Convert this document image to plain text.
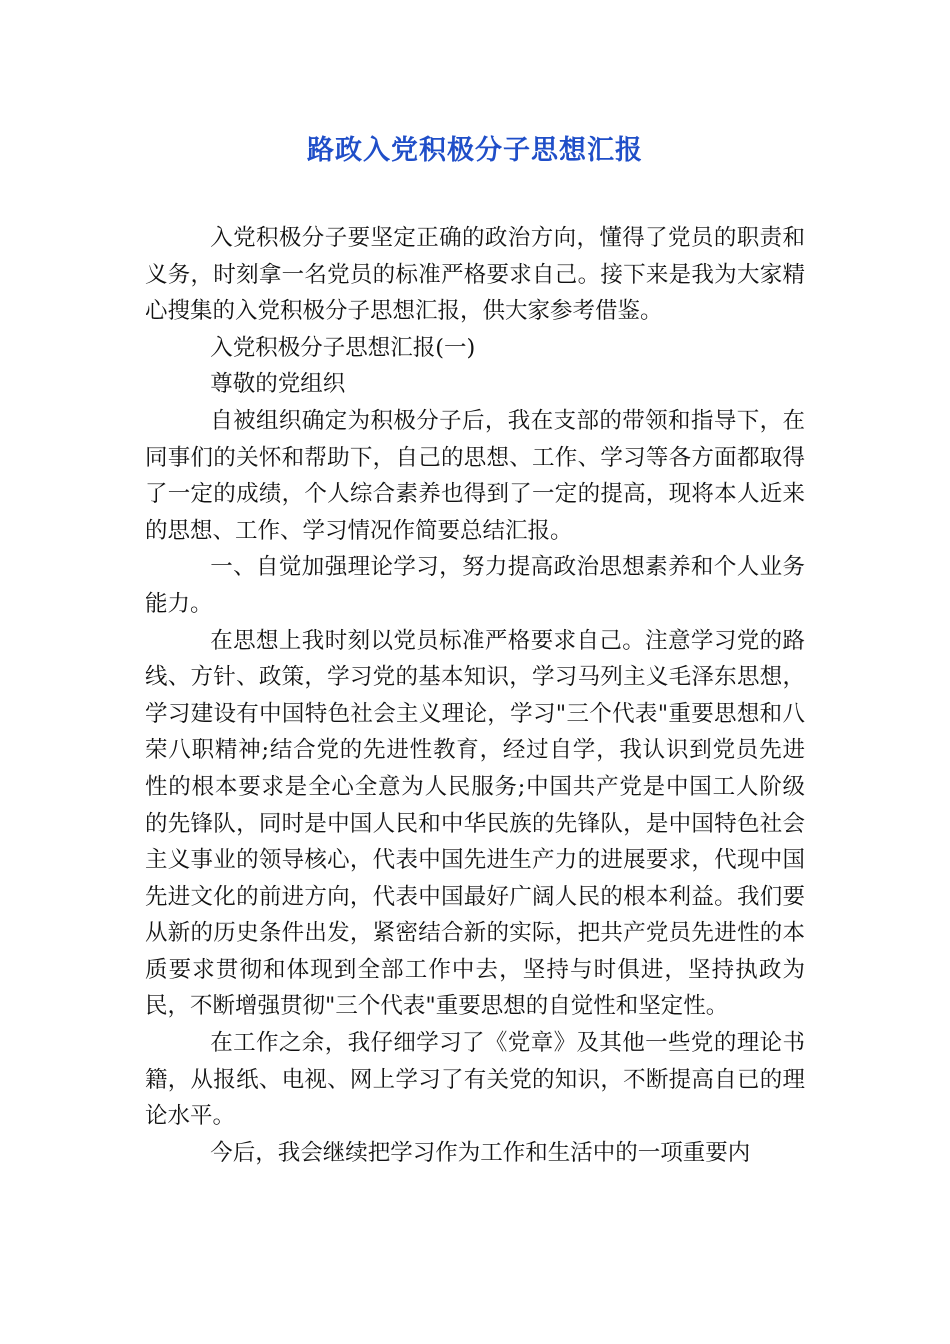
路政入党积极分子思想汇报

入党积极分子要坚定正确的政治方向，懂得了党员的职责和义务，时刻拿一名党员的标准严格要求自己。接下来是我为大家精心搜集的入党积极分子思想汇报，供大家参考借鉴。

入党积极分子思想汇报(一)

尊敬的党组织

自被组织确定为积极分子后，我在支部的带领和指导下，在同事们的关怀和帮助下，自己的思想、工作、学习等各方面都取得了一定的成绩，个人综合素养也得到了一定的提高，现将本人近来的思想、工作、学习情况作简要总结汇报。

一、自觉加强理论学习，努力提高政治思想素养和个人业务能力。

在思想上我时刻以党员标准严格要求自己。注意学习党的路线、方针、政策，学习党的基本知识，学习马列主义毛泽东思想，学习建设有中国特色社会主义理论，学习"三个代表"重要思想和八荣八职精神;结合党的先进性教育，经过自学，我认识到党员先进性的根本要求是全心全意为人民服务;中国共产党是中国工人阶级的先锋队，同时是中国人民和中华民族的先锋队，是中国特色社会主义事业的领导核心，代表中国先进生产力的进展要求，代现中国先进文化的前进方向，代表中国最好广阔人民的根本利益。我们要从新的历史条件出发，紧密结合新的实际，把共产党员先进性的本质要求贯彻和体现到全部工作中去，坚持与时俱进，坚持执政为民，不断增强贯彻"三个代表"重要思想的自觉性和坚定性。

在工作之余，我仔细学习了《党章》及其他一些党的理论书籍，从报纸、电视、网上学习了有关党的知识，不断提高自已的理论水平。

今后，我会继续把学习作为工作和生活中的一项重要内
